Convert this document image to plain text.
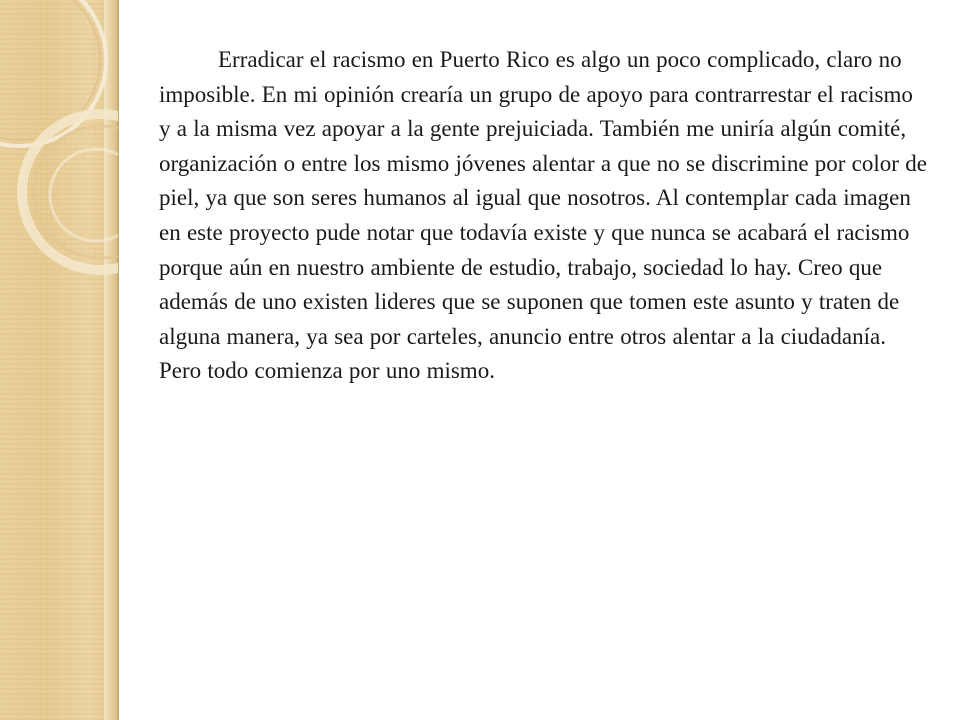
Erradicar el racismo en Puerto Rico es algo un poco complicado, claro no imposible. En mi opinión crearía un grupo de apoyo para contrarrestar el racismo y a la misma vez apoyar a la gente prejuiciada. También me uniría algún comité, organización o entre los mismo jóvenes alentar a que no se discrimine por color de piel, ya que son seres humanos al igual que nosotros. Al contemplar cada imagen en este proyecto pude notar que todavía existe y que nunca se acabará el racismo porque aún en nuestro ambiente de estudio, trabajo, sociedad lo hay. Creo que además de uno existen lideres que se suponen que tomen este asunto y traten de alguna manera, ya sea por carteles, anuncio entre otros alentar a la ciudadanía. Pero todo comienza por uno mismo.
